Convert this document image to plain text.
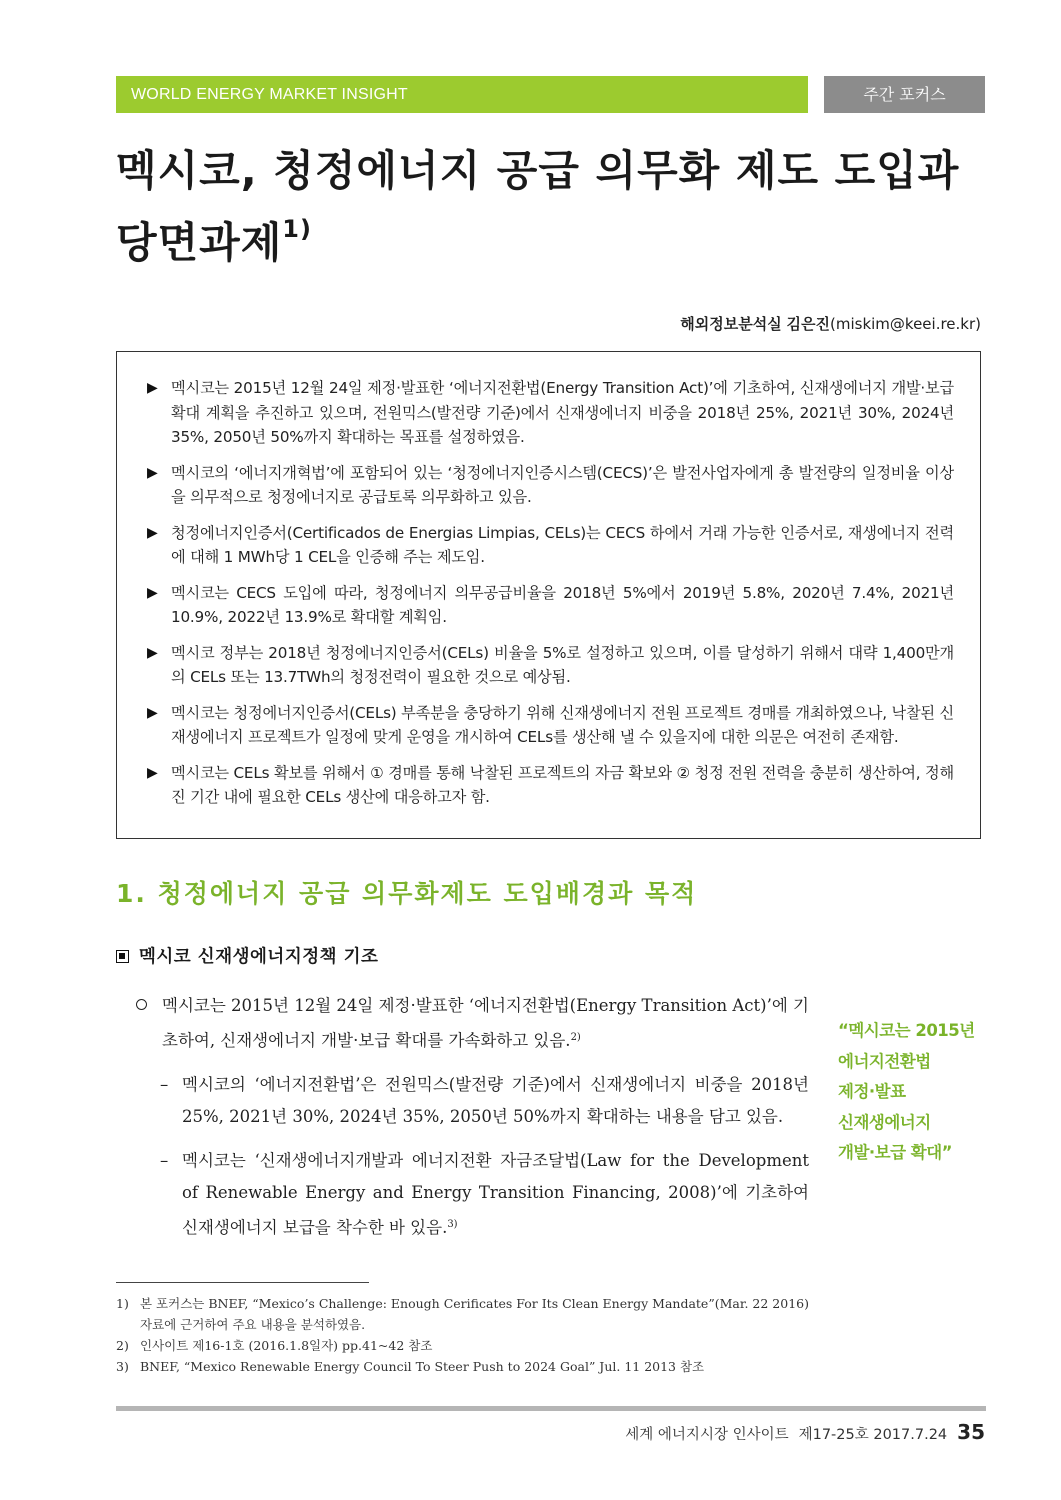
WORLD ENERGY MARKET INSIGHT	주간 포커스
멕시코, 청정에너지 공급 의무화 제도 도입과
당면과제$^{1)}$
해외정보분석실 김은진(miskim@keei.re.kr)
▶ 멕시코는 2015년 12월 24일 제정·발표한 ‘에너지전환법(Energy Transition Act)’에 기초하여, 신재생에너지 개발·보급 확대 계획을 추진하고 있으며, 전원믹스(발전량 기준)에서 신재생에너지 비중을 2018년 25%, 2021년 30%, 2024년 35%, 2050년 50%까지 확대하는 목표를 설정하였음.
▶ 멕시코의 ‘에너지개혁법’에 포함되어 있는 ‘청정에너지인증시스템(CECS)’은 발전사업자에게 총 발전량의 일정비율 이상을 의무적으로 청정에너지로 공급토록 의무화하고 있음.
▶ 청정에너지인증서(Certificados de Energias Limpias, CELs)는 CECS 하에서 거래 가능한 인증서로, 재생에너지 전력에 대해 1 MWh당 1 CEL을 인증해 주는 제도임.
▶ 멕시코는 CECS 도입에 따라, 청정에너지 의무공급비율을 2018년 5%에서 2019년 5.8%, 2020년 7.4%, 2021년 10.9%, 2022년 13.9%로 확대할 계획임.
▶ 멕시코 정부는 2018년 청정에너지인증서(CELs) 비율을 5%로 설정하고 있으며, 이를 달성하기 위해서 대략 1,400만개의 CELs 또는 13.7TWh의 청정전력이 필요한 것으로 예상됨.
▶ 멕시코는 청정에너지인증서(CELs) 부족분을 충당하기 위해 신재생에너지 전원 프로젝트 경매를 개최하였으나, 낙찰된 신재생에너지 프로젝트가 일정에 맞게 운영을 개시하여 CELs를 생산해 낼 수 있을지에 대한 의문은 여전히 존재함.
▶ 멕시코는 CELs 확보를 위해서 ① 경매를 통해 낙찰된 프로젝트의 자금 확보와 ② 청정 전원 전력을 충분히 생산하여, 정해진 기간 내에 필요한 CELs 생산에 대응하고자 함.
1. 청정에너지 공급 의무화제도 도입배경과 목적
멕시코 신재생에너지정책 기조
멕시코는 2015년 12월 24일 제정·발표한 ‘에너지전환법(Energy Transition Act)’에 기초하여, 신재생에너지 개발·보급 확대를 가속화하고 있음.$^{2)}$
– 멕시코의 ‘에너지전환법’은 전원믹스(발전량 기준)에서 신재생에너지 비중을 2018년 25%, 2021년 30%, 2024년 35%, 2050년 50%까지 확대하는 내용을 담고 있음.
– 멕시코는 ‘신재생에너지개발과 에너지전환 자금조달법(Law for the Development of Renewable Energy and Energy Transition Financing, 2008)’에 기초하여 신재생에너지 보급을 착수한 바 있음.$^{3)}$
“멕시코는 2015년
에너지전환법
제정·발표
신재생에너지
개발·보급 확대”
1) 본 포커스는 BNEF, “Mexico’s Challenge: Enough Cerificates For Its Clean Energy Mandate”(Mar. 22 2016)자료에 근거하여 주요 내용을 분석하였음.
2) 인사이트 제16-1호 (2016.1.8일자) pp.41~42 참조
3) BNEF, “Mexico Renewable Energy Council To Steer Push to 2024 Goal” Jul. 11 2013 참조
세계 에너지시장 인사이트 제17-25호 2017.7.24 35
